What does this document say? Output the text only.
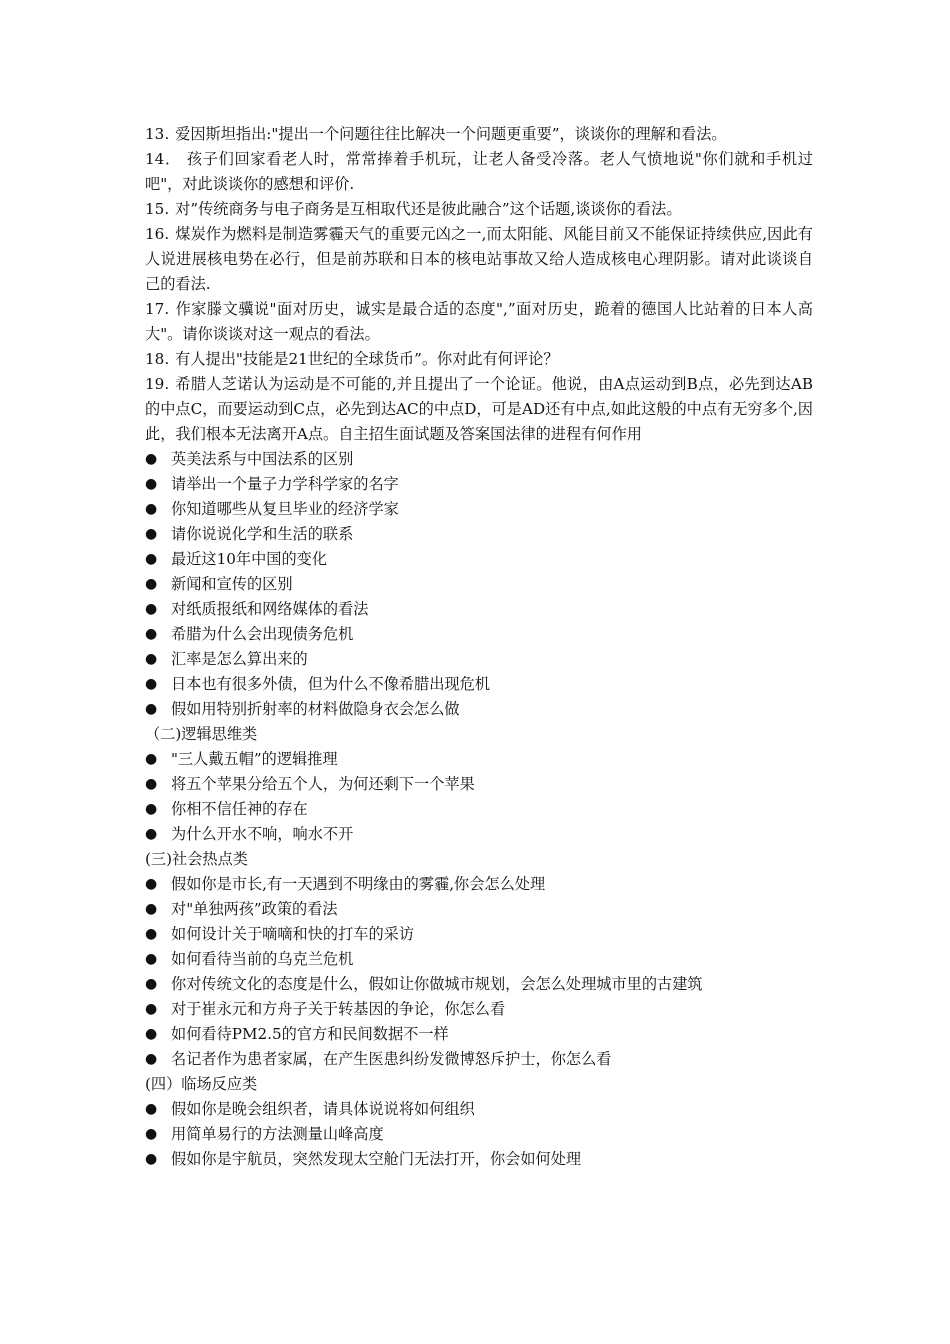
13. 爱因斯坦指出:"提出一个问题往往比解决一个问题更重要”，谈谈你的理解和看法。

14． 孩子们回家看老人时，常常捧着手机玩，让老人备受冷落。老人气愤地说"你们就和手机过吧"，对此谈谈你的感想和评价.

15. 对”传统商务与电子商务是互相取代还是彼此融合”这个话题,谈谈你的看法。

16. 煤炭作为燃料是制造雾霾天气的重要元凶之一,而太阳能、风能目前又不能保证持续供应,因此有人说进展核电势在必行，但是前苏联和日本的核电站事故又给人造成核电心理阴影。请对此谈谈自己的看法.

17. 作家滕文骥说"面对历史，诚实是最合适的态度",”面对历史，跪着的德国人比站着的日本人高大"。请你谈谈对这一观点的看法。

18. 有人提出"技能是21世纪的全球货币”。你对此有何评论？

19. 希腊人芝诺认为运动是不可能的,并且提出了一个论证。他说，由A点运动到B点，必先到达AB的中点C，而要运动到C点，必先到达AC的中点D，可是AD还有中点,如此这般的中点有无穷多个,因此，我们根本无法离开A点。自主招生面试题及答案国法律的进程有何作用

● 英美法系与中国法系的区别
● 请举出一个量子力学科学家的名字
● 你知道哪些从复旦毕业的经济学家
● 请你说说化学和生活的联系
● 最近这10年中国的变化
● 新闻和宣传的区别
● 对纸质报纸和网络媒体的看法
● 希腊为什么会出现债务危机
● 汇率是怎么算出来的
● 日本也有很多外债，但为什么不像希腊出现危机
● 假如用特别折射率的材料做隐身衣会怎么做

（二)逻辑思维类

● "三人戴五帽”的逻辑推理
● 将五个苹果分给五个人，为何还剩下一个苹果
● 你相不信任神的存在
● 为什么开水不响，响水不开

(三)社会热点类

● 假如你是市长,有一天遇到不明缘由的雾霾,你会怎么处理
● 对"单独两孩”政策的看法
● 如何设计关于嘀嘀和快的打车的采访
● 如何看待当前的乌克兰危机
● 你对传统文化的态度是什么，假如让你做城市规划，会怎么处理城市里的古建筑
● 对于崔永元和方舟子关于转基因的争论，你怎么看
● 如何看待PM2.5的官方和民间数据不一样
● 名记者作为患者家属，在产生医患纠纷发微博怒斥护士，你怎么看

(四）临场反应类

● 假如你是晚会组织者，请具体说说将如何组织
● 用简单易行的方法测量山峰高度
● 假如你是宇航员，突然发现太空舱门无法打开，你会如何处理
